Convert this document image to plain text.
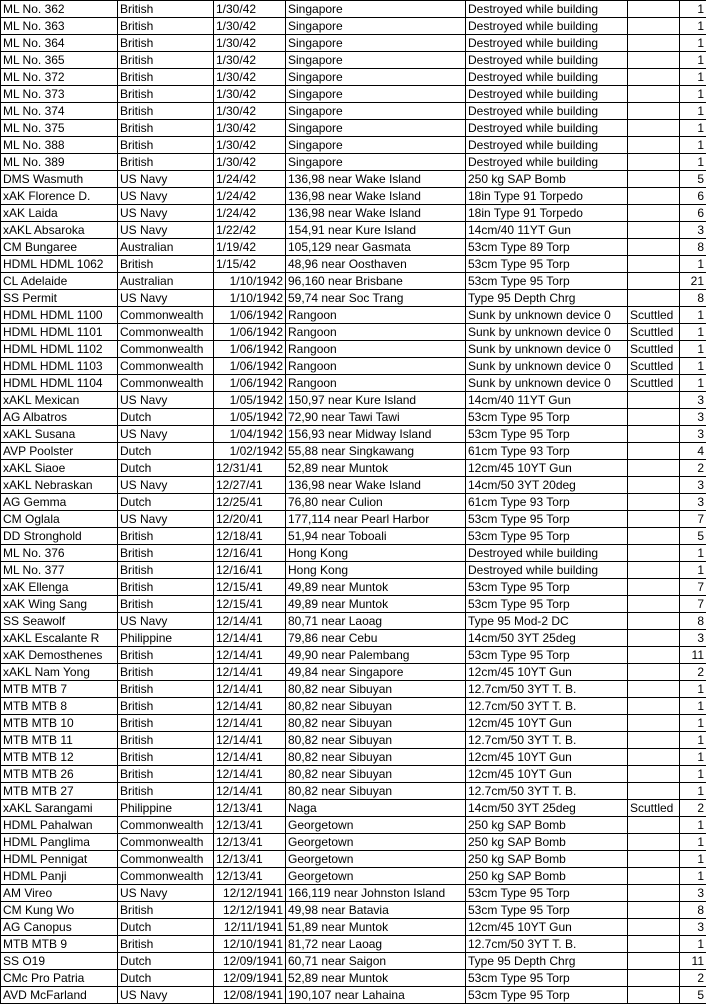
ML No. 362	British	1/30/42	Singapore	Destroyed while building		1
ML No. 363	British	1/30/42	Singapore	Destroyed while building		1
ML No. 364	British	1/30/42	Singapore	Destroyed while building		1
ML No. 365	British	1/30/42	Singapore	Destroyed while building		1
ML No. 372	British	1/30/42	Singapore	Destroyed while building		1
ML No. 373	British	1/30/42	Singapore	Destroyed while building		1
ML No. 374	British	1/30/42	Singapore	Destroyed while building		1
ML No. 375	British	1/30/42	Singapore	Destroyed while building		1
ML No. 388	British	1/30/42	Singapore	Destroyed while building		1
ML No. 389	British	1/30/42	Singapore	Destroyed while building		1
DMS Wasmuth	US Navy	1/24/42	136,98 near Wake Island	250 kg SAP Bomb		5
xAK Florence D.	US Navy	1/24/42	136,98 near Wake Island	18in Type 91 Torpedo		6
xAK Laida	US Navy	1/24/42	136,98 near Wake Island	18in Type 91 Torpedo		6
xAKL Absaroka	US Navy	1/22/42	154,91 near Kure Island	14cm/40 11YT Gun		3
CM Bungaree	Australian	1/19/42	105,129 near Gasmata	53cm Type 89 Torp		8
HDML HDML 1062	British	1/15/42	48,96 near Oosthaven	53cm Type 95 Torp		1
CL Adelaide	Australian	1/10/1942	96,160 near Brisbane	53cm Type 95 Torp		21
SS Permit	US Navy	1/10/1942	59,74 near Soc Trang	Type 95 Depth Chrg		8
HDML HDML 1100	Commonwealth	1/06/1942	Rangoon	Sunk by unknown device 0	Scuttled	1
HDML HDML 1101	Commonwealth	1/06/1942	Rangoon	Sunk by unknown device 0	Scuttled	1
HDML HDML 1102	Commonwealth	1/06/1942	Rangoon	Sunk by unknown device 0	Scuttled	1
HDML HDML 1103	Commonwealth	1/06/1942	Rangoon	Sunk by unknown device 0	Scuttled	1
HDML HDML 1104	Commonwealth	1/06/1942	Rangoon	Sunk by unknown device 0	Scuttled	1
xAKL Mexican	US Navy	1/05/1942	150,97 near Kure Island	14cm/40 11YT Gun		3
AG Albatros	Dutch	1/05/1942	72,90 near Tawi Tawi	53cm Type 95 Torp		3
xAKL Susana	US Navy	1/04/1942	156,93 near Midway Island	53cm Type 95 Torp		3
AVP Poolster	Dutch	1/02/1942	55,88 near Singkawang	61cm Type 93 Torp		4
xAKL Siaoe	Dutch	12/31/41	52,89 near Muntok	12cm/45 10YT Gun		2
xAKL Nebraskan	US Navy	12/27/41	136,98 near Wake Island	14cm/50 3YT 20deg		3
AG Gemma	Dutch	12/25/41	76,80 near Culion	61cm Type 93 Torp		3
CM Oglala	US Navy	12/20/41	177,114 near Pearl Harbor	53cm Type 95 Torp		7
DD Stronghold	British	12/18/41	51,94 near Toboali	53cm Type 95 Torp		5
ML No. 376	British	12/16/41	Hong Kong	Destroyed while building		1
ML No. 377	British	12/16/41	Hong Kong	Destroyed while building		1
xAK Ellenga	British	12/15/41	49,89 near Muntok	53cm Type 95 Torp		7
xAK Wing Sang	British	12/15/41	49,89 near Muntok	53cm Type 95 Torp		7
SS Seawolf	US Navy	12/14/41	80,71 near Laoag	Type 95 Mod-2 DC		8
xAKL Escalante R	Philippine	12/14/41	79,86 near Cebu	14cm/50 3YT 25deg		3
xAK Demosthenes	British	12/14/41	49,90 near Palembang	53cm Type 95 Torp		11
xAKL Nam Yong	British	12/14/41	49,84 near Singapore	12cm/45 10YT Gun		2
MTB MTB 7	British	12/14/41	80,82 near Sibuyan	12.7cm/50 3YT T. B.		1
MTB MTB 8	British	12/14/41	80,82 near Sibuyan	12.7cm/50 3YT T. B.		1
MTB MTB 10	British	12/14/41	80,82 near Sibuyan	12cm/45 10YT Gun		1
MTB MTB 11	British	12/14/41	80,82 near Sibuyan	12.7cm/50 3YT T. B.		1
MTB MTB 12	British	12/14/41	80,82 near Sibuyan	12cm/45 10YT Gun		1
MTB MTB 26	British	12/14/41	80,82 near Sibuyan	12cm/45 10YT Gun		1
MTB MTB 27	British	12/14/41	80,82 near Sibuyan	12.7cm/50 3YT T. B.		1
xAKL Sarangami	Philippine	12/13/41	Naga	14cm/50 3YT 25deg	Scuttled	2
HDML Pahalwan	Commonwealth	12/13/41	Georgetown	250 kg SAP Bomb		1
HDML Panglima	Commonwealth	12/13/41	Georgetown	250 kg SAP Bomb		1
HDML Pennigat	Commonwealth	12/13/41	Georgetown	250 kg SAP Bomb		1
HDML Panji	Commonwealth	12/13/41	Georgetown	250 kg SAP Bomb		1
AM Vireo	US Navy	12/12/1941	166,119 near Johnston Island	53cm Type 95 Torp		3
CM Kung Wo	British	12/12/1941	49,98 near Batavia	53cm Type 95 Torp		8
AG Canopus	Dutch	12/11/1941	51,89 near Muntok	12cm/45 10YT Gun		3
MTB MTB 9	British	12/10/1941	81,72 near Laoag	12.7cm/50 3YT T. B.		1
SS O19	Dutch	12/09/1941	60,71 near Saigon	Type 95 Depth Chrg		11
CMc Pro Patria	Dutch	12/09/1941	52,89 near Muntok	53cm Type 95 Torp		2
AVD McFarland	US Navy	12/08/1941	190,107 near Lahaina	53cm Type 95 Torp		5
